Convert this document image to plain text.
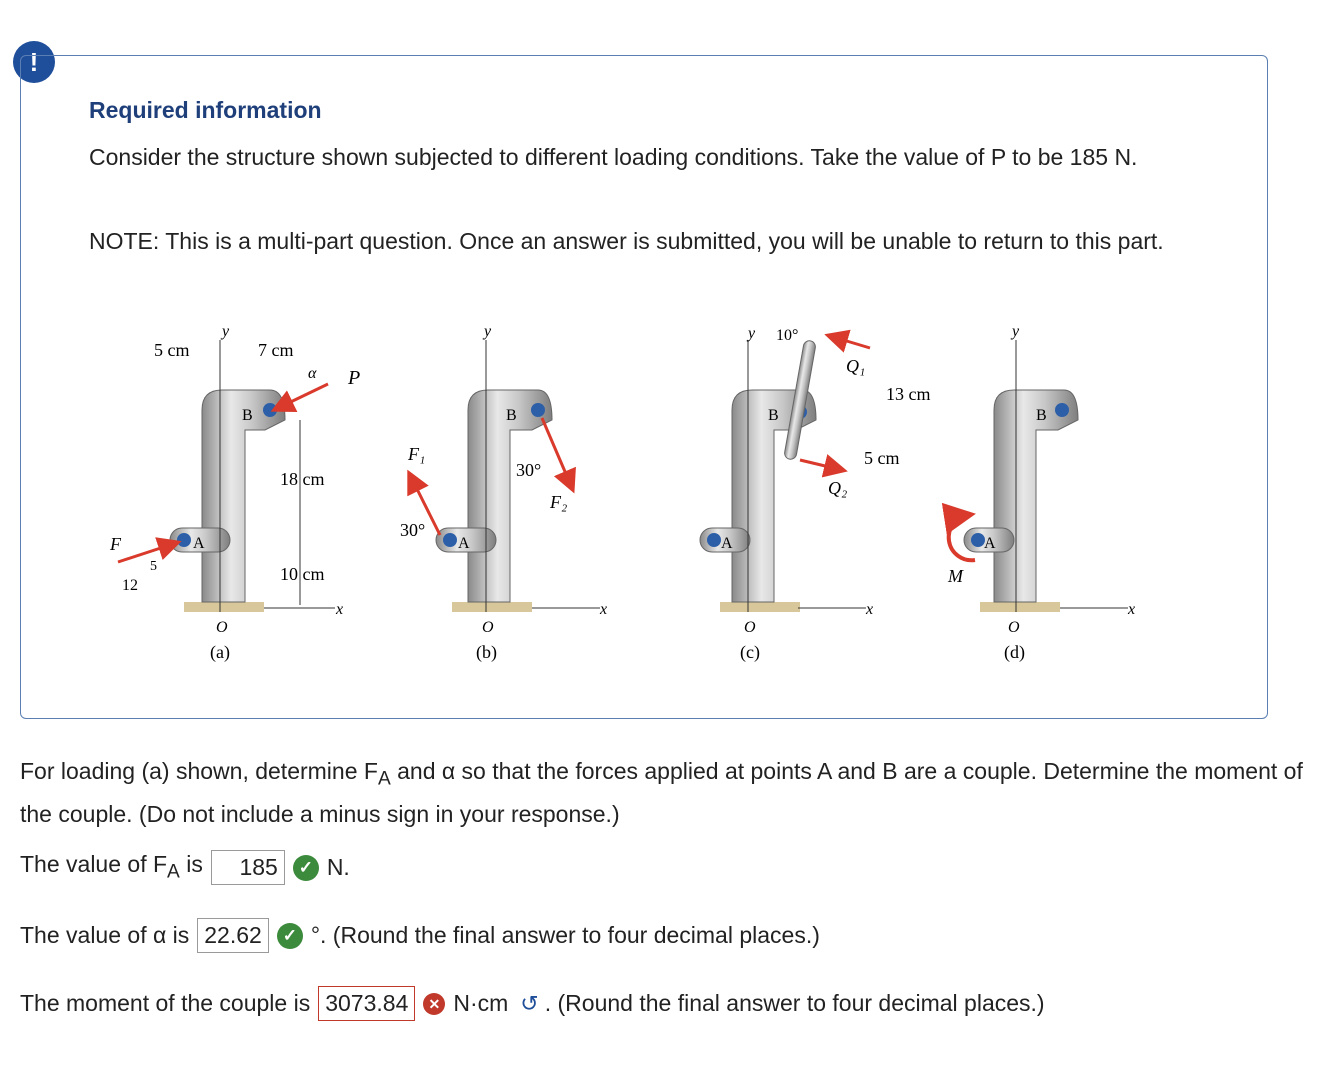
!
Required information
Consider the structure shown subjected to different loading conditions. Take the value of P to be 185 N.
NOTE: This is a multi-part question. Once an answer is submitted, you will be unable to return to this part.
y
5 cm	7 cm
α P
B
18 cm
10 cm
F	A
5
12
O
x
(a)
y
B
F₁
30°
F₂
30°
A
O
x
(b)
y 10°
Q₁
13 cm
B
5 cm
Q₂
A
O
x
(c)
y
B
A
M
O
x
(d)
For loading (a) shown, determine $F_A$ and α so that the forces applied at points A and B are a couple. Determine the moment of the couple. (Do not include a minus sign in your response.)
The value of $F_A$ is	185	✓ N.
The value of α is 22.62	✓ °. (Round the final answer to four decimal places.)
The moment of the couple is 3073.84	✕ N·cm ↺ . (Round the final answer to four decimal places.)
